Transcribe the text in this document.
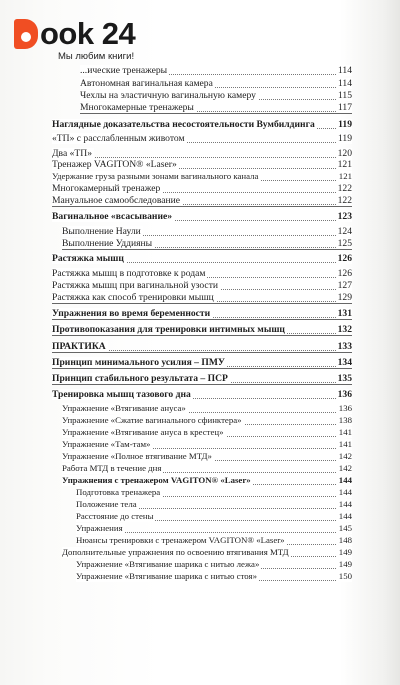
ook 24
Мы любим книги!
...ические тренажеры	114
Автономная вагинальная камера	114
Чехлы на эластичную вагинальную камеру	115
Многокамерные тренажеры	117
Наглядные доказательства несостоятельности Вумбилдинга 119
«ТП» с расслабленным животом	119
Два «ТП»	120
Тренажер VAGITON® «Laser»	121
Удержание груза разными зонами вагинального канала	121
Многокамерный тренажер	122
Мануальное самообследование	122
Вагинальное «всасывание»	123
Выполнение Наули	124
Выполнение Уддияны	125
Растяжка мышц	126
Растяжка мышц в подготовке к родам	126
Растяжка мышц при вагинальной узости	127
Растяжка как способ тренировки мышц	129
Упражнения во время беременности	131
Противопоказания для тренировки интимных мышц	132
ПРАКТИКА	133
Принцип минимального усилия – ПМУ	134
Принцип стабильного результата – ПСР	135
Тренировка мышц тазового дна	136
Упражнение «Втягивание ануса»	136
Упражнение «Сжатие вагинального сфинктера»	138
Упражнение «Втягивание ануса в крестец»	141
Упражнение «Там-там»	141
Упражнение «Полное втягивание МТД»	142
Работа МТД в течение дня	142
Упражнения с тренажером VAGITON® «Laser»	144
Подготовка тренажера	144
Положение тела	144
Расстояние до стены	144
Упражнения	145
Нюансы тренировки с тренажером VAGITON® «Laser»	148
Дополнительные упражнения по освоению втягивания МТД	149
Упражнение «Втягивание шарика с нитью лежа»	149
Упражнение «Втягивание шарика с нитью стоя»	150
